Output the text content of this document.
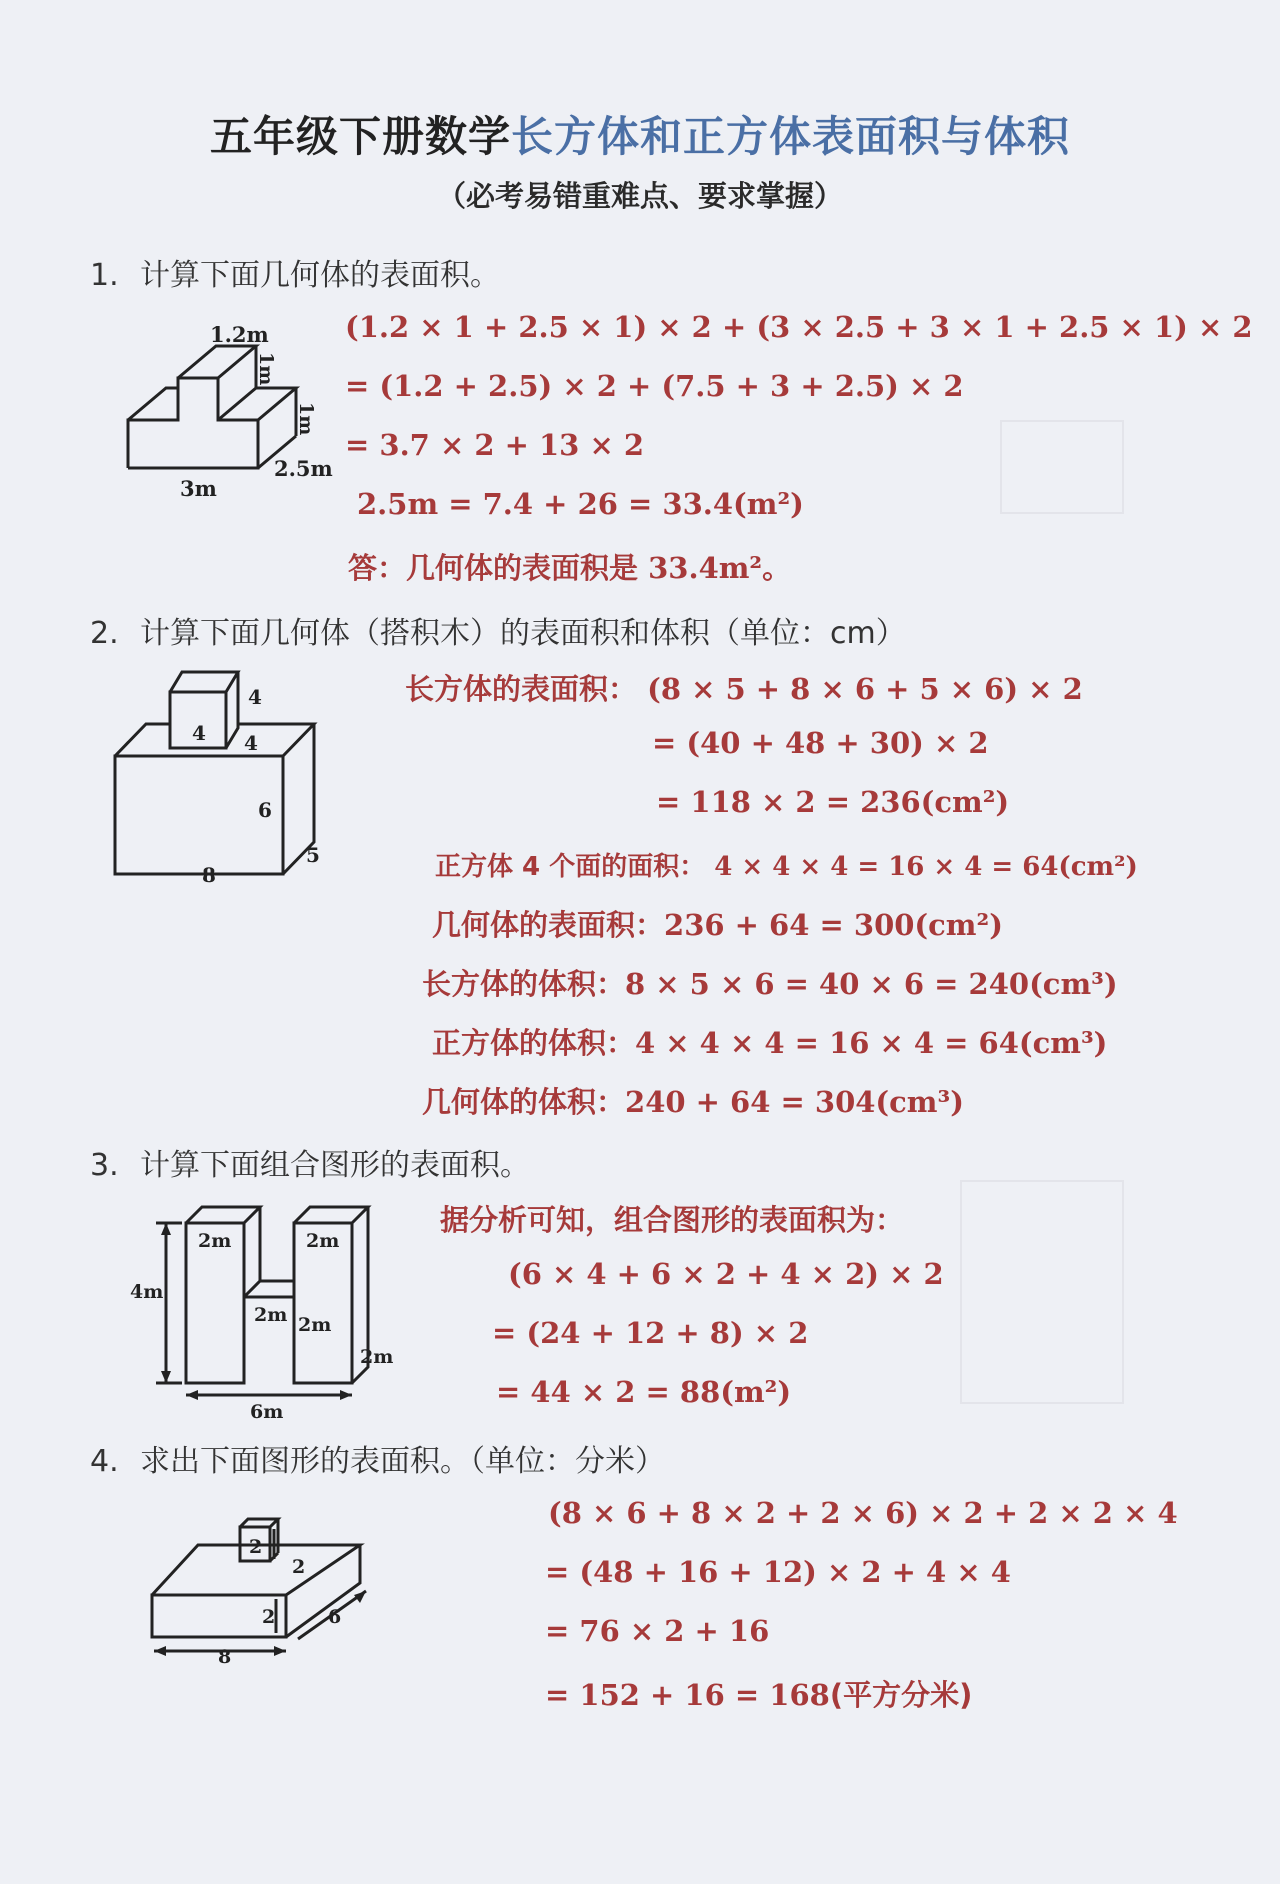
五年级下册数学长方体和正方体表面积与体积
（必考易错重难点、要求掌握）
1. 计算下面几何体的表面积。
1.2m
1m
1m
3m
2.5m
(1.2 × 1 + 2.5 × 1) × 2 + (3 × 2.5 + 3 × 1 + 2.5 × 1) × 2
= (1.2 + 2.5) × 2 + (7.5 + 3 + 2.5) × 2
= 3.7 × 2 + 13 × 2
2.5m = 7.4 + 26 = 33.4(m²)
答：几何体的表面积是 33.4m²。
2. 计算下面几何体（搭积木）的表面积和体积（单位：cm）
4
4
4
6
5
8
长方体的表面积： (8 × 5 + 8 × 6 + 5 × 6) × 2
= (40 + 48 + 30) × 2
= 118 × 2 = 236(cm²)
正方体 4 个面的面积： 4 × 4 × 4 = 16 × 4 = 64(cm²)
几何体的表面积：236 + 64 = 300(cm²)
长方体的体积：8 × 5 × 6 = 40 × 6 = 240(cm³)
正方体的体积：4 × 4 × 4 = 16 × 4 = 64(cm³)
几何体的体积：240 + 64 = 304(cm³)
3. 计算下面组合图形的表面积。
2m	2m
2m 2m
4m
2m
6m
据分析可知，组合图形的表面积为：
(6 × 4 + 6 × 2 + 4 × 2) × 2
= (24 + 12 + 8) × 2
= 44 × 2 = 88(m²)
4. 求出下面图形的表面积。（单位：分米）
2
2
2	6
8
(8 × 6 + 8 × 2 + 2 × 6) × 2 + 2 × 2 × 4
= (48 + 16 + 12) × 2 + 4 × 4
= 76 × 2 + 16
= 152 + 16 = 168(平方分米)
